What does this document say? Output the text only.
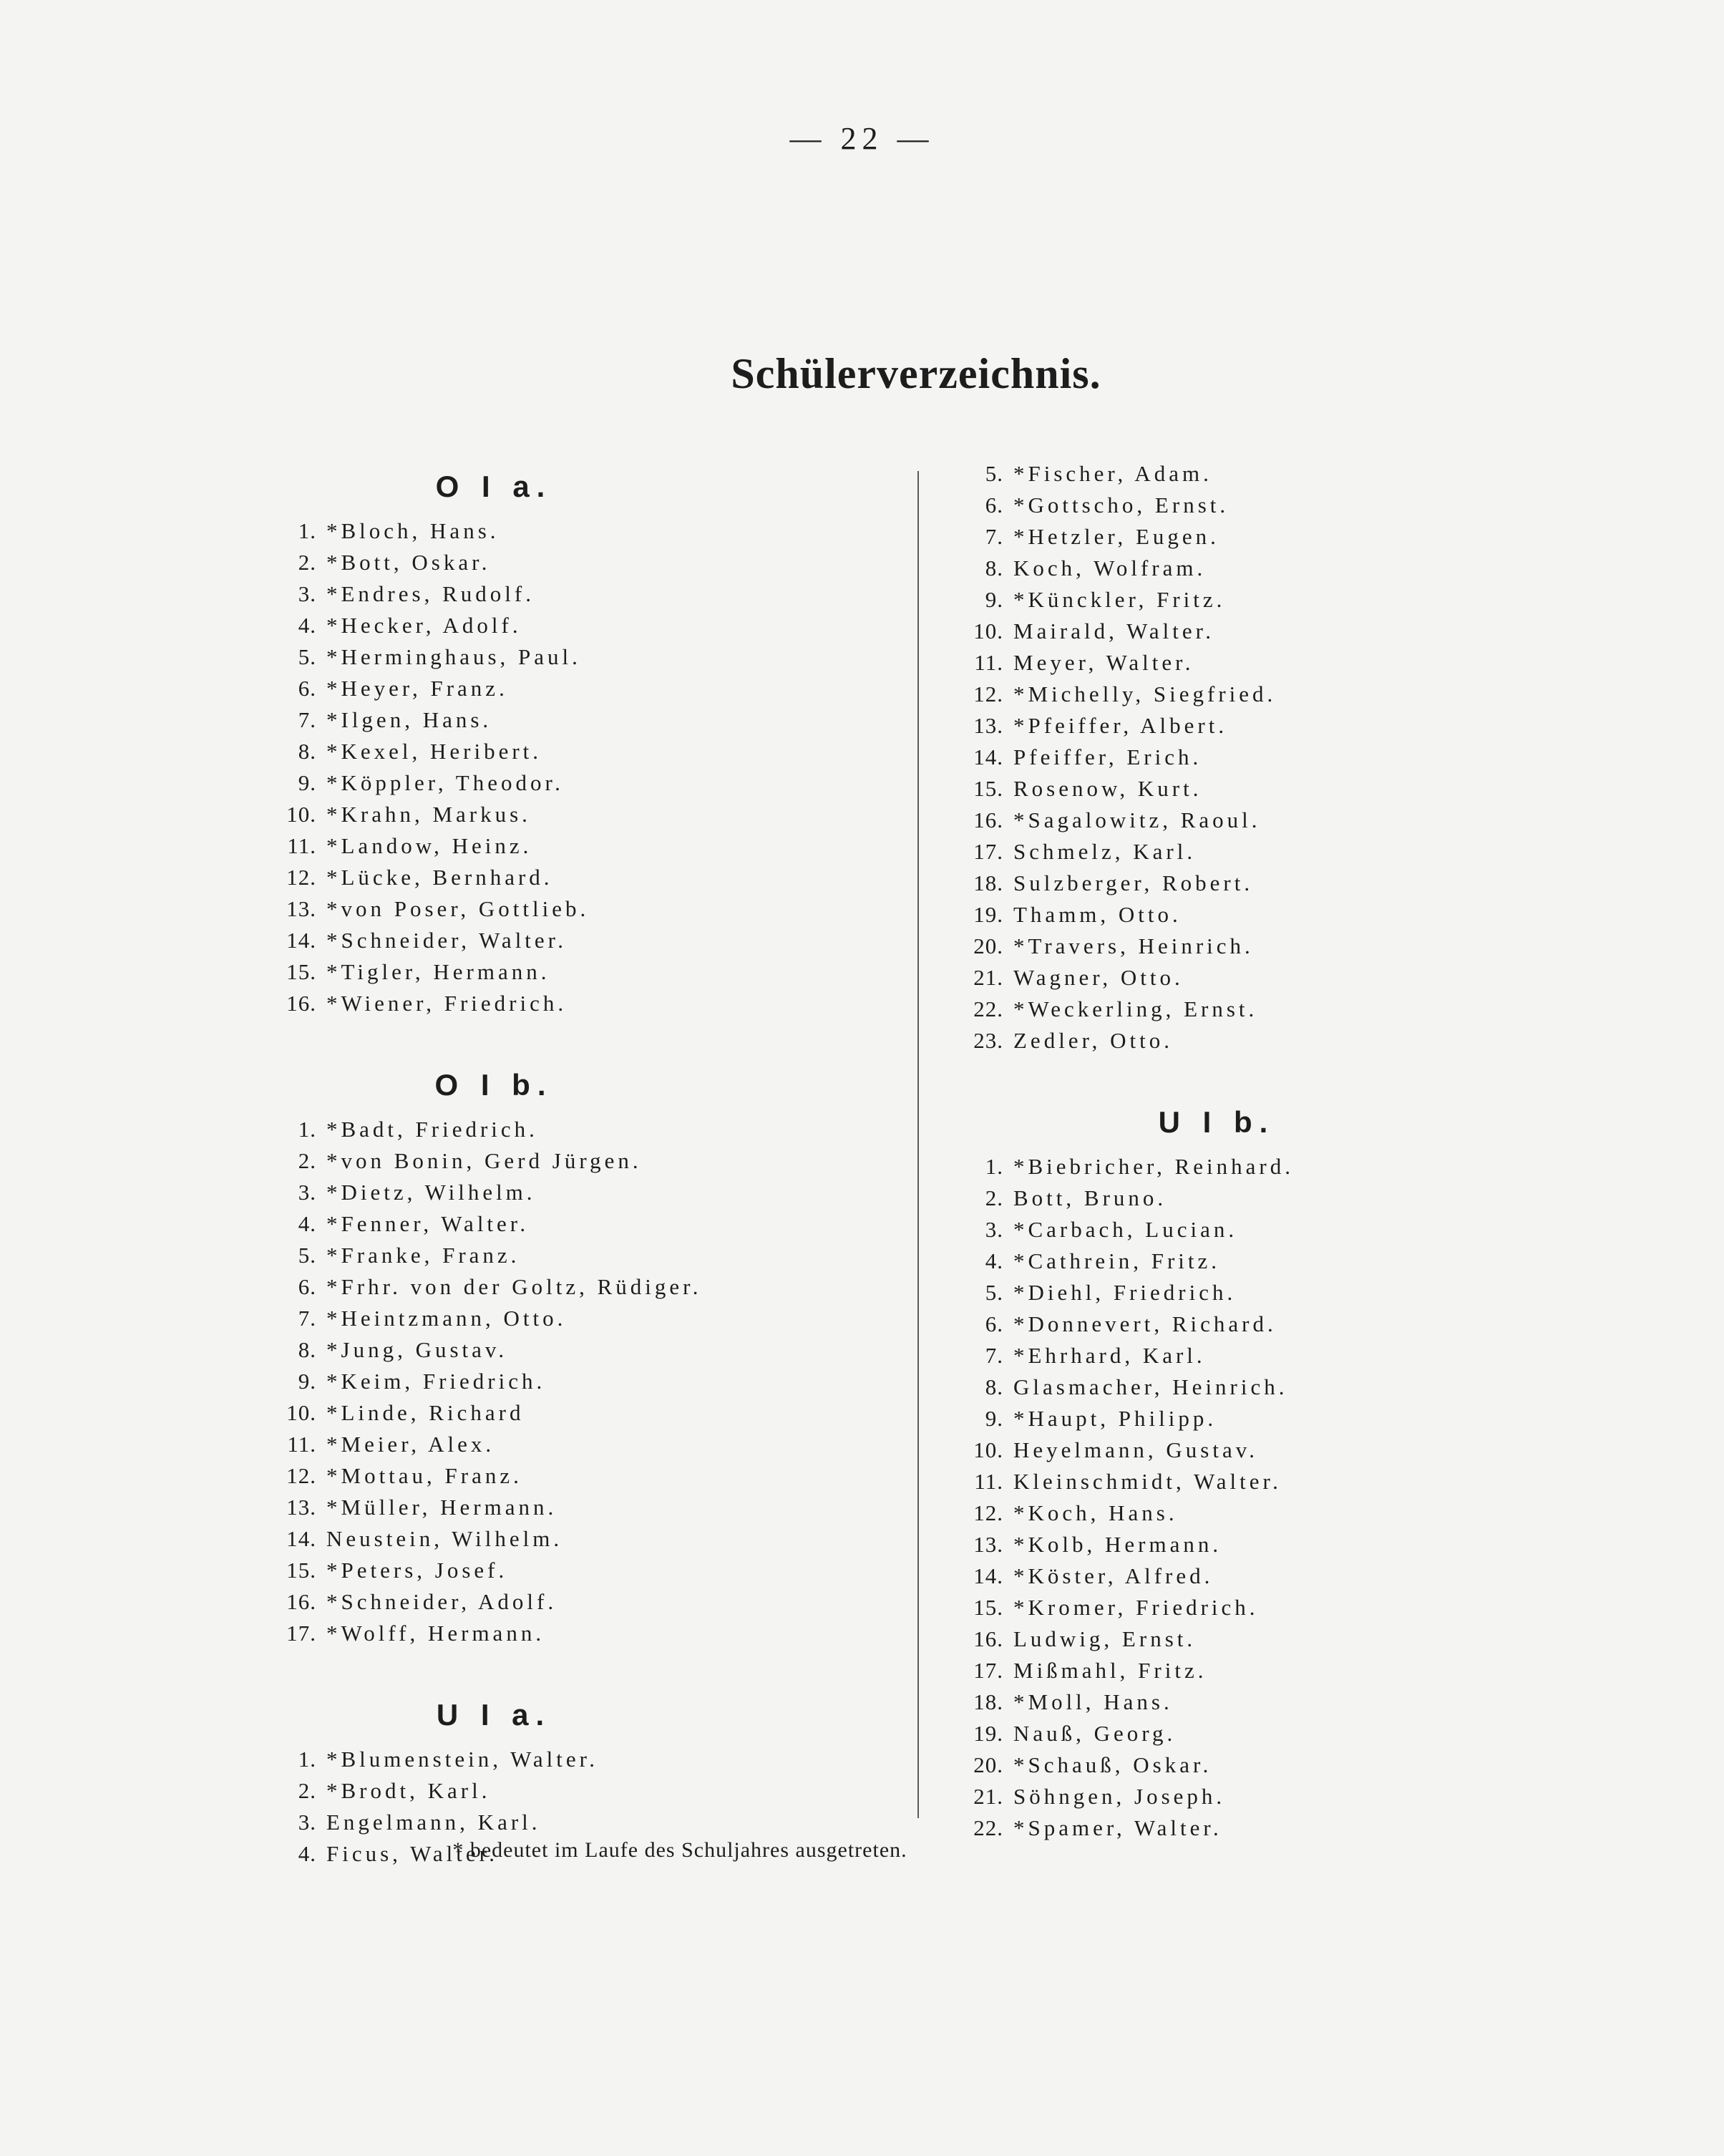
— 22 —
Schülerverzeichnis.
O I a.
1. *Bloch, Hans.
2. *Bott, Oskar.
3. *Endres, Rudolf.
4. *Hecker, Adolf.
5. *Herminghaus, Paul.
6. *Heyer, Franz.
7. *Ilgen, Hans.
8. *Kexel, Heribert.
9. *Köppler, Theodor.
10. *Krahn, Markus.
11. *Landow, Heinz.
12. *Lücke, Bernhard.
13. *von Poser, Gottlieb.
14. *Schneider, Walter.
15. *Tigler, Hermann.
16. *Wiener, Friedrich.
O I b.
1. *Badt, Friedrich.
2. *von Bonin, Gerd Jürgen.
3. *Dietz, Wilhelm.
4. *Fenner, Walter.
5. *Franke, Franz.
6. *Frhr. von der Goltz, Rüdiger.
7. *Heintzmann, Otto.
8. *Jung, Gustav.
9. *Keim, Friedrich.
10. *Linde, Richard
11. *Meier, Alex.
12. *Mottau, Franz.
13. *Müller, Hermann.
14. Neustein, Wilhelm.
15. *Peters, Josef.
16. *Schneider, Adolf.
17. *Wolff, Hermann.
U I a.
1. *Blumenstein, Walter.
2. *Brodt, Karl.
3. Engelmann, Karl.
4. Ficus, Walter.
5. *Fischer, Adam.
6. *Gottscho, Ernst.
7. *Hetzler, Eugen.
8. Koch, Wolfram.
9. *Künckler, Fritz.
10. Mairald, Walter.
11. Meyer, Walter.
12. *Michelly, Siegfried.
13. *Pfeiffer, Albert.
14. Pfeiffer, Erich.
15. Rosenow, Kurt.
16. *Sagalowitz, Raoul.
17. Schmelz, Karl.
18. Sulzberger, Robert.
19. Thamm, Otto.
20. *Travers, Heinrich.
21. Wagner, Otto.
22. *Weckerling, Ernst.
23. Zedler, Otto.
U I b.
1. *Biebricher, Reinhard.
2. Bott, Bruno.
3. *Carbach, Lucian.
4. *Cathrein, Fritz.
5. *Diehl, Friedrich.
6. *Donnevert, Richard.
7. *Ehrhard, Karl.
8. Glasmacher, Heinrich.
9. *Haupt, Philipp.
10. Heyelmann, Gustav.
11. Kleinschmidt, Walter.
12. *Koch, Hans.
13. *Kolb, Hermann.
14. *Köster, Alfred.
15. *Kromer, Friedrich.
16. Ludwig, Ernst.
17. Mißmahl, Fritz.
18. *Moll, Hans.
19. Nauß, Georg.
20. *Schauß, Oskar.
21. Söhngen, Joseph.
22. *Spamer, Walter.
* bedeutet im Laufe des Schuljahres ausgetreten.
